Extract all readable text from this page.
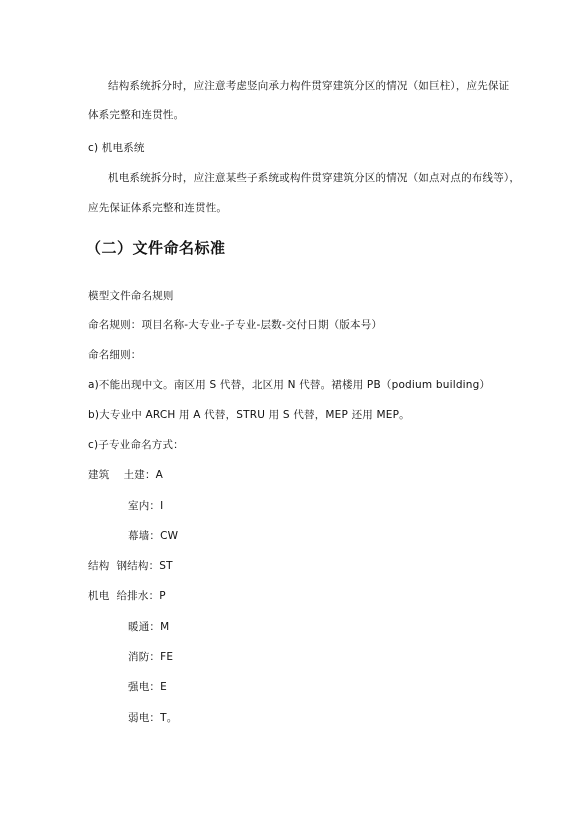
结构系统拆分时，应注意考虑竖向承力构件贯穿建筑分区的情况（如巨柱），应先保证
体系完整和连贯性。
c) 机电系统
机电系统拆分时，应注意某些子系统或构件贯穿建筑分区的情况（如点对点的布线等），
应先保证体系完整和连贯性。
（二）文件命名标准
模型文件命名规则
命名规则：项目名称-大专业-子专业-层数-交付日期（版本号）
命名细则：
a)不能出现中文。南区用 S 代替，北区用 N 代替。裙楼用 PB（podium building）
b)大专业中 ARCH 用 A 代替，STRU 用 S 代替，MEP 还用 MEP。
c)子专业命名方式：
建筑 土建：A
室内：I
幕墙：CW
结构 钢结构：ST
机电 给排水：P
暖通：M
消防：FE
强电：E
弱电：T。
